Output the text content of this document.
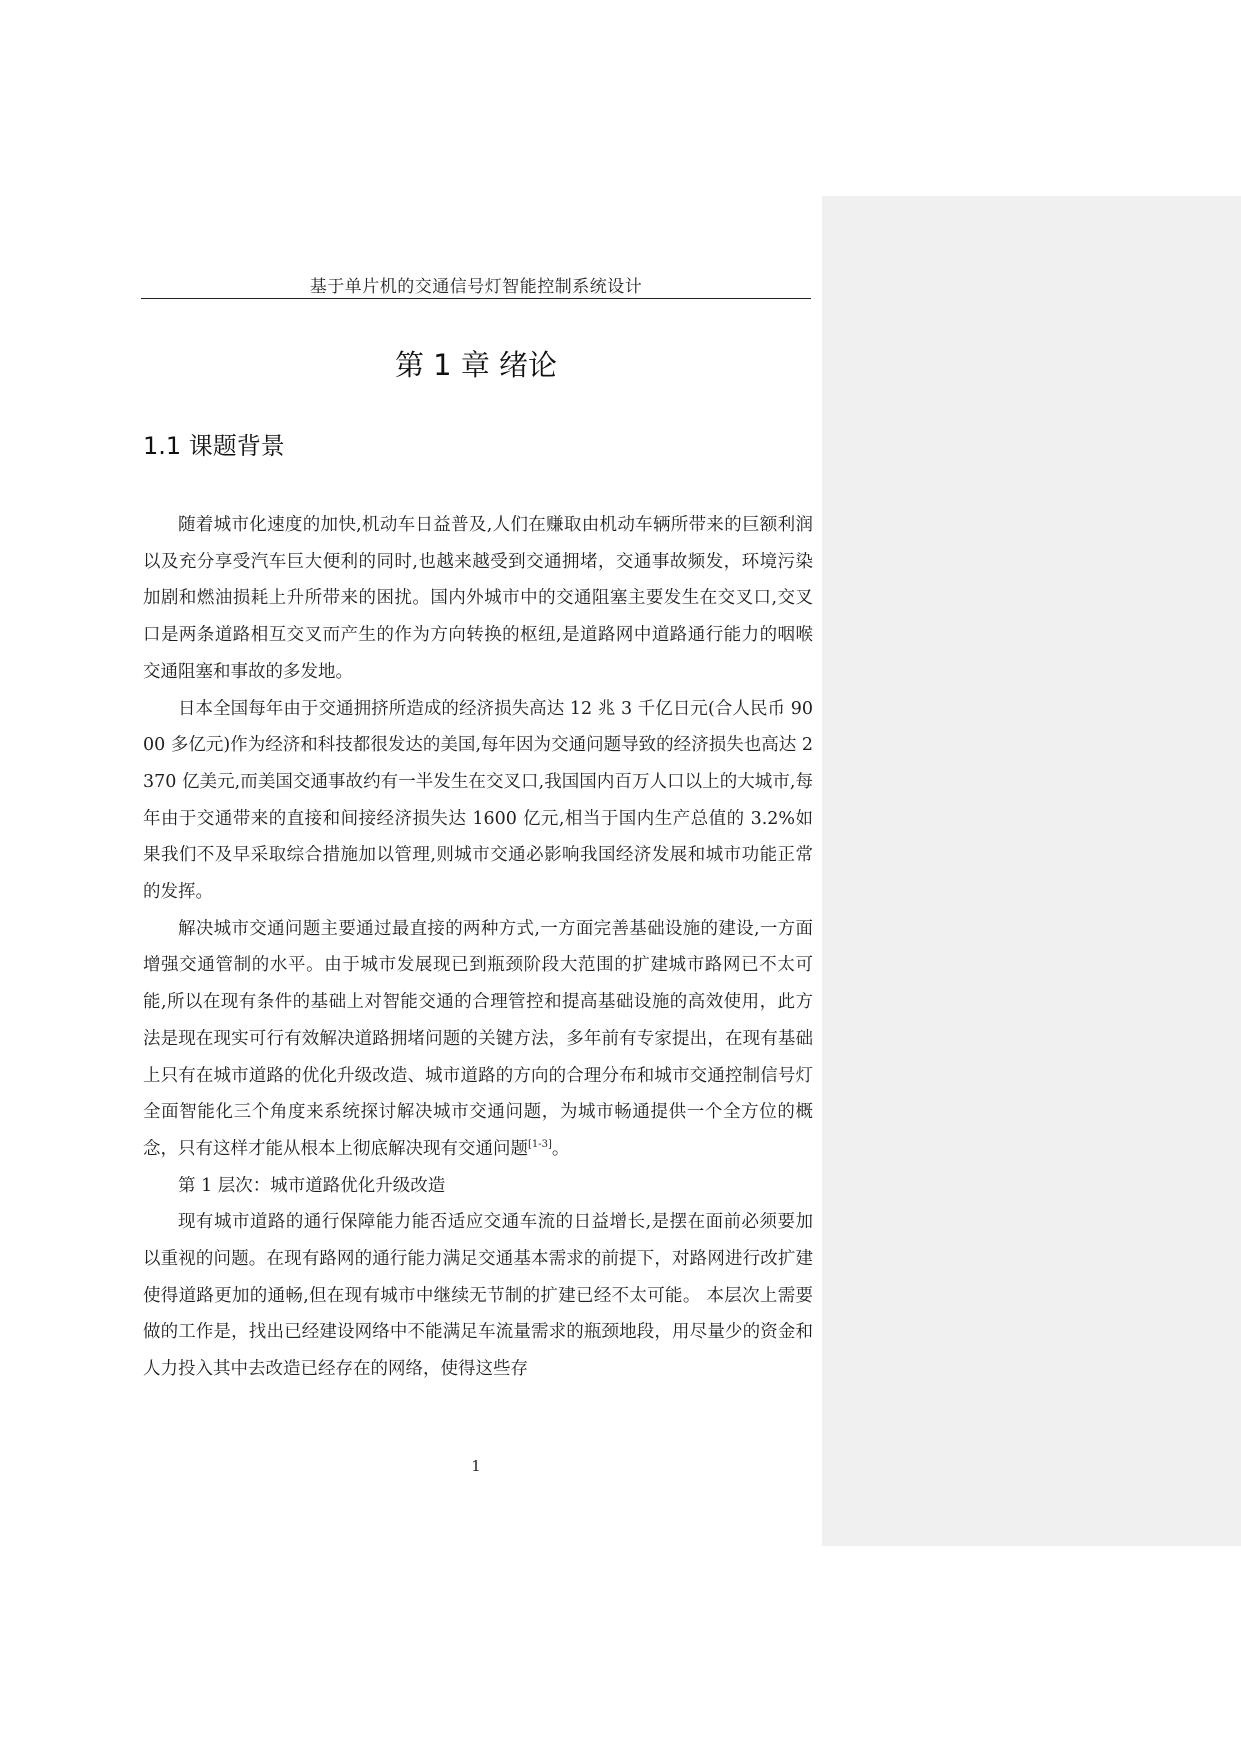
基于单片机的交通信号灯智能控制系统设计
第 1 章 绪论
1.1 课题背景

随着城市化速度的加快,机动车日益普及,人们在赚取由机动车辆所带来的巨额利润以及充分享受汽车巨大便利的同时,也越来越受到交通拥堵，交通事故频发，环境污染加剧和燃油损耗上升所带来的困扰。国内外城市中的交通阻塞主要发生在交叉口,交叉口是两条道路相互交叉而产生的作为方向转换的枢纽,是道路网中道路通行能力的咽喉交通阻塞和事故的多发地。

日本全国每年由于交通拥挤所造成的经济损失高达 12 兆 3 千亿日元(合人民币 9000 多亿元)作为经济和科技都很发达的美国,每年因为交通问题导致的经济损失也高达 2370 亿美元,而美国交通事故约有一半发生在交叉口,我国国内百万人口以上的大城市,每年由于交通带来的直接和间接经济损失达 1600 亿元,相当于国内生产总值的 3.2%如果我们不及早采取综合措施加以管理,则城市交通必影响我国经济发展和城市功能正常的发挥。

解决城市交通问题主要通过最直接的两种方式,一方面完善基础设施的建设,一方面增强交通管制的水平。由于城市发展现已到瓶颈阶段大范围的扩建城市路网已不太可能,所以在现有条件的基础上对智能交通的合理管控和提高基础设施的高效使用，此方法是现在现实可行有效解决道路拥堵问题的关键方法，多年前有专家提出，在现有基础上只有在城市道路的优化升级改造、城市道路的方向的合理分布和城市交通控制信号灯全面智能化三个角度来系统探讨解决城市交通问题，为城市畅通提供一个全方位的概念，只有这样才能从根本上彻底解决现有交通问题[1-3]。

第 1 层次：城市道路优化升级改造

现有城市道路的通行保障能力能否适应交通车流的日益增长,是摆在面前必须要加以重视的问题。在现有路网的通行能力满足交通基本需求的前提下，对路网进行改扩建使得道路更加的通畅,但在现有城市中继续无节制的扩建已经不太可能。 本层次上需要做的工作是，找出已经建设网络中不能满足车流量需求的瓶颈地段，用尽量少的资金和人力投入其中去改造已经存在的网络，使得这些存

1
